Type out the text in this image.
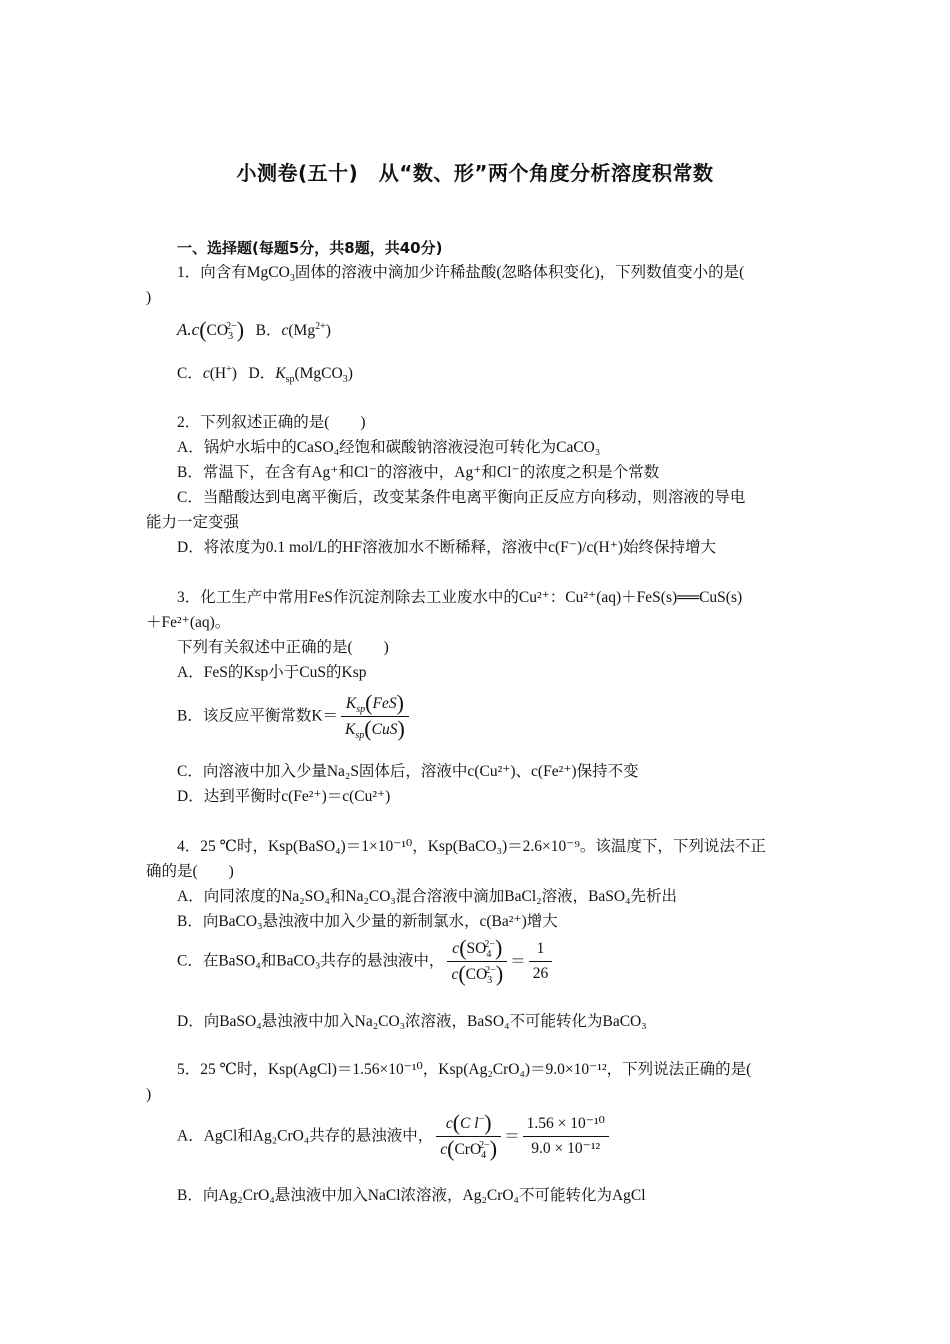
小测卷(五十)　从“数、形”两个角度分析溶度积常数
一、选择题(每题5分，共8题，共40分)
1．向含有MgCO$_3$固体的溶液中滴加少许稀盐酸(忽略体积变化)，下列数值变小的是(
)
$A.c(CO_3^{2-})$ B．$c(Mg^{2+})$
C．c(H+)   D．$K_{sp}(MgCO_3)$
2．下列叙述正确的是(　　)
A．锅炉水垢中的CaSO₄经饱和碳酸钠溶液浸泡可转化为CaCO₃
B．常温下，在含有Ag⁺和Cl⁻的溶液中，Ag⁺和Cl⁻的浓度之积是个常数
C．当醋酸达到电离平衡后，改变某条件电离平衡向正反应方向移动，则溶液的导电
能力一定变强
D．将浓度为0.1 mol/L的HF溶液加水不断稀释，溶液中c(F⁻)/c(H⁺)始终保持增大
3．化工生产中常用FeS作沉淀剂除去工业废水中的Cu²⁺：Cu²⁺(aq)＋FeS(s)══CuS(s)
＋Fe²⁺(aq)。
下列有关叙述中正确的是(　　)
A．FeS的Ksp小于CuS的Ksp
B．该反应平衡常数$K= \frac{K_{sp}(FeS)}{K_{sp}(CuS)}$
C．向溶液中加入少量Na₂S固体后，溶液中c(Cu²⁺)、c(Fe²⁺)保持不变
D．达到平衡时c(Fe²⁺)＝c(Cu²⁺)
4．25 ℃时，Ksp(BaSO₄)＝1×10⁻¹⁰，Ksp(BaCO₃)＝2.6×10⁻⁹。该温度下，下列说法不正
确的是(　　)
A．向同浓度的Na₂SO₄和Na₂CO₃混合溶液中滴加BaCl₂溶液，BaSO₄先析出
B．向BaCO₃悬浊液中加入少量的新制氯水，c(Ba²⁺)增大
C．在BaSO₄和BaCO₃共存的悬浊液中， $\frac{c(SO_4^{2-})}{c(CO_3^{2-})} = \frac{1}{26}$
D．向BaSO₄悬浊液中加入Na₂CO₃浓溶液，BaSO₄不可能转化为BaCO₃
5．25 ℃时，Ksp(AgCl)＝1.56×10⁻¹⁰，Ksp(Ag₂CrO₄)＝9.0×10⁻¹²，下列说法正确的是(
)
A．AgCl和Ag₂CrO₄共存的悬浊液中， $\frac{c(C l^-)}{c(CrO_4^{2-})} = \frac{\text{1.56 × 10⁻¹⁰}}{\text{9.0 × 10⁻¹²}}$
B．向Ag₂CrO₄悬浊液中加入NaCl浓溶液，Ag₂CrO₄不可能转化为AgCl
